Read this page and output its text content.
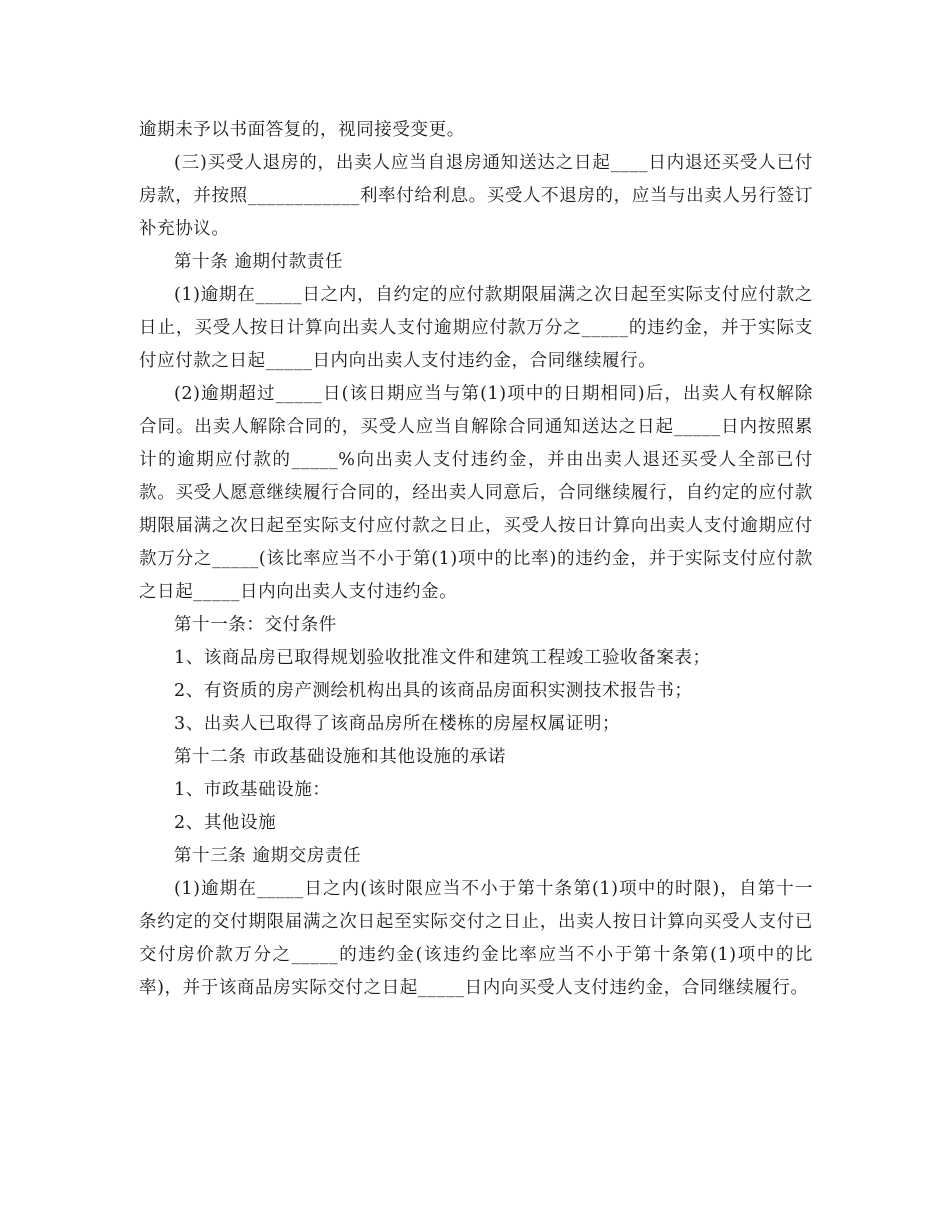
逾期未予以书面答复的，视同接受变更。

(三)买受人退房的，出卖人应当自退房通知送达之日起____日内退还买受人已付房款，并按照____________利率付给利息。买受人不退房的，应当与出卖人另行签订补充协议。

第十条 逾期付款责任

(1)逾期在_____日之内，自约定的应付款期限届满之次日起至实际支付应付款之日止，买受人按日计算向出卖人支付逾期应付款万分之_____的违约金，并于实际支付应付款之日起_____日内向出卖人支付违约金，合同继续履行。

(2)逾期超过_____日(该日期应当与第(1)项中的日期相同)后，出卖人有权解除合同。出卖人解除合同的，买受人应当自解除合同通知送达之日起_____日内按照累计的逾期应付款的_____%向出卖人支付违约金，并由出卖人退还买受人全部已付款。买受人愿意继续履行合同的，经出卖人同意后，合同继续履行，自约定的应付款期限届满之次日起至实际支付应付款之日止，买受人按日计算向出卖人支付逾期应付款万分之_____(该比率应当不小于第(1)项中的比率)的违约金，并于实际支付应付款之日起_____日内向出卖人支付违约金。

第十一条：交付条件

1、该商品房已取得规划验收批准文件和建筑工程竣工验收备案表；

2、有资质的房产测绘机构出具的该商品房面积实测技术报告书；

3、出卖人已取得了该商品房所在楼栋的房屋权属证明；

第十二条 市政基础设施和其他设施的承诺

1、市政基础设施：

2、其他设施

第十三条 逾期交房责任

(1)逾期在_____日之内(该时限应当不小于第十条第(1)项中的时限)，自第十一条约定的交付期限届满之次日起至实际交付之日止，出卖人按日计算向买受人支付已交付房价款万分之_____的违约金(该违约金比率应当不小于第十条第(1)项中的比率)，并于该商品房实际交付之日起_____日内向买受人支付违约金，合同继续履行。
